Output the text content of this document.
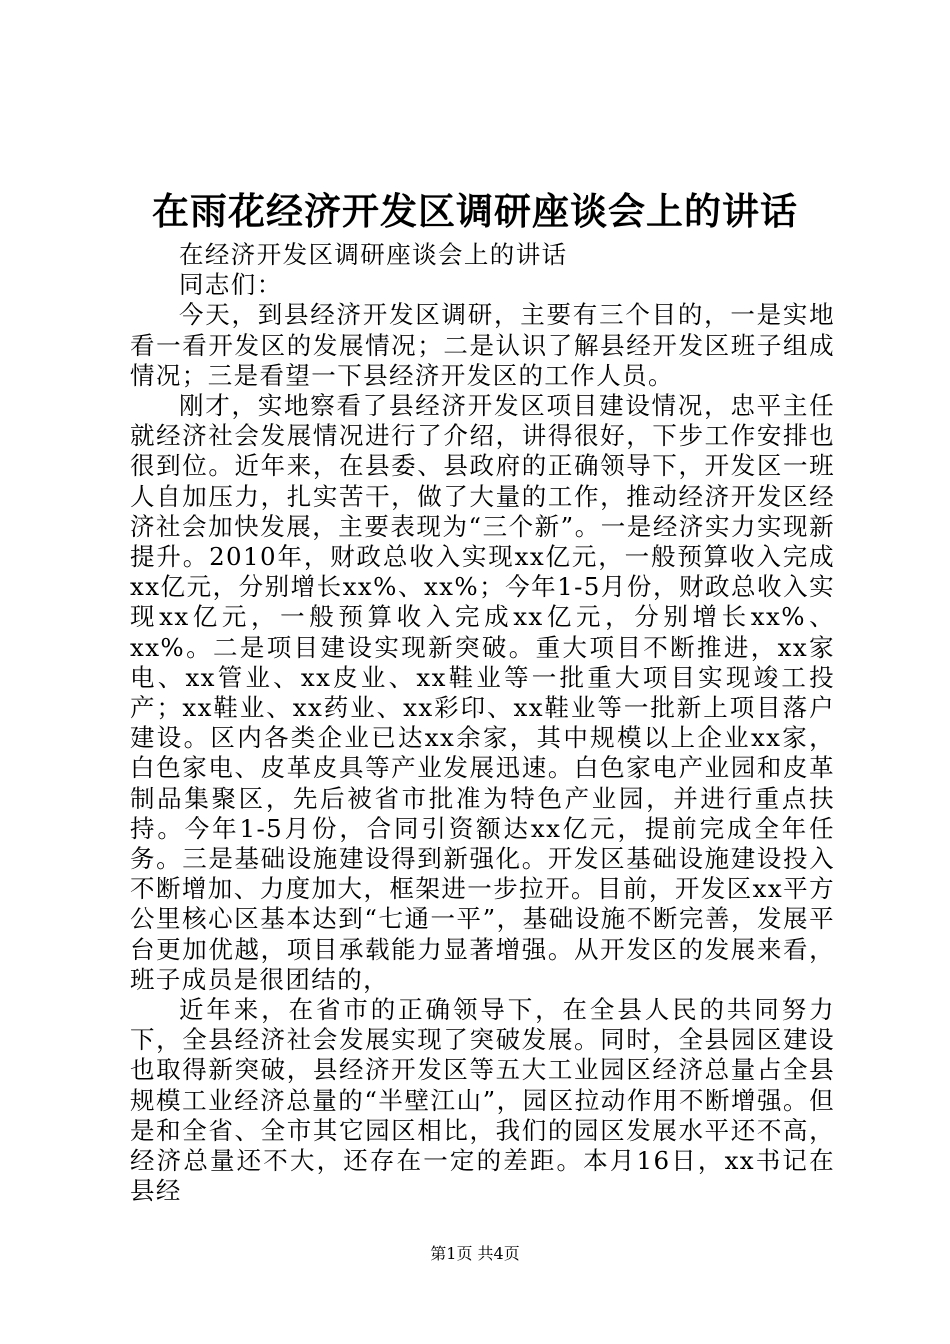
在雨花经济开发区调研座谈会上的讲话

在经济开发区调研座谈会上的讲话

同志们：

今天，到县经济开发区调研，主要有三个目的，一是实地看一看开发区的发展情况；二是认识了解县经开发区班子组成情况；三是看望一下县经济开发区的工作人员。

刚才，实地察看了县经济开发区项目建设情况，忠平主任就经济社会发展情况进行了介绍，讲得很好，下步工作安排也很到位。近年来，在县委、县政府的正确领导下，开发区一班人自加压力，扎实苦干，做了大量的工作，推动经济开发区经济社会加快发展，主要表现为“三个新”。一是经济实力实现新提升。2010年，财政总收入实现xx亿元，一般预算收入完成xx亿元，分别增长xx%、xx%；今年1-5月份，财政总收入实现xx亿元，一般预算收入完成xx亿元，分别增长xx%、xx%。二是项目建设实现新突破。重大项目不断推进，xx家电、xx管业、xx皮业、xx鞋业等一批重大项目实现竣工投产；xx鞋业、xx药业、xx彩印、xx鞋业等一批新上项目落户建设。区内各类企业已达xx余家，其中规模以上企业xx家，白色家电、皮革皮具等产业发展迅速。白色家电产业园和皮革制品集聚区，先后被省市批准为特色产业园，并进行重点扶持。今年1-5月份，合同引资额达xx亿元，提前完成全年任务。三是基础设施建设得到新强化。开发区基础设施建设投入不断增加、力度加大，框架进一步拉开。目前，开发区xx平方公里核心区基本达到“七通一平”，基础设施不断完善，发展平台更加优越，项目承载能力显著增强。从开发区的发展来看，班子成员是很团结的，

近年来，在省市的正确领导下，在全县人民的共同努力下，全县经济社会发展实现了突破发展。同时，全县园区建设也取得新突破，县经济开发区等五大工业园区经济总量占全县规模工业经济总量的“半壁江山”，园区拉动作用不断增强。但是和全省、全市其它园区相比，我们的园区发展水平还不高，经济总量还不大，还存在一定的差距。本月16日，xx书记在县经

第1页 共4页
